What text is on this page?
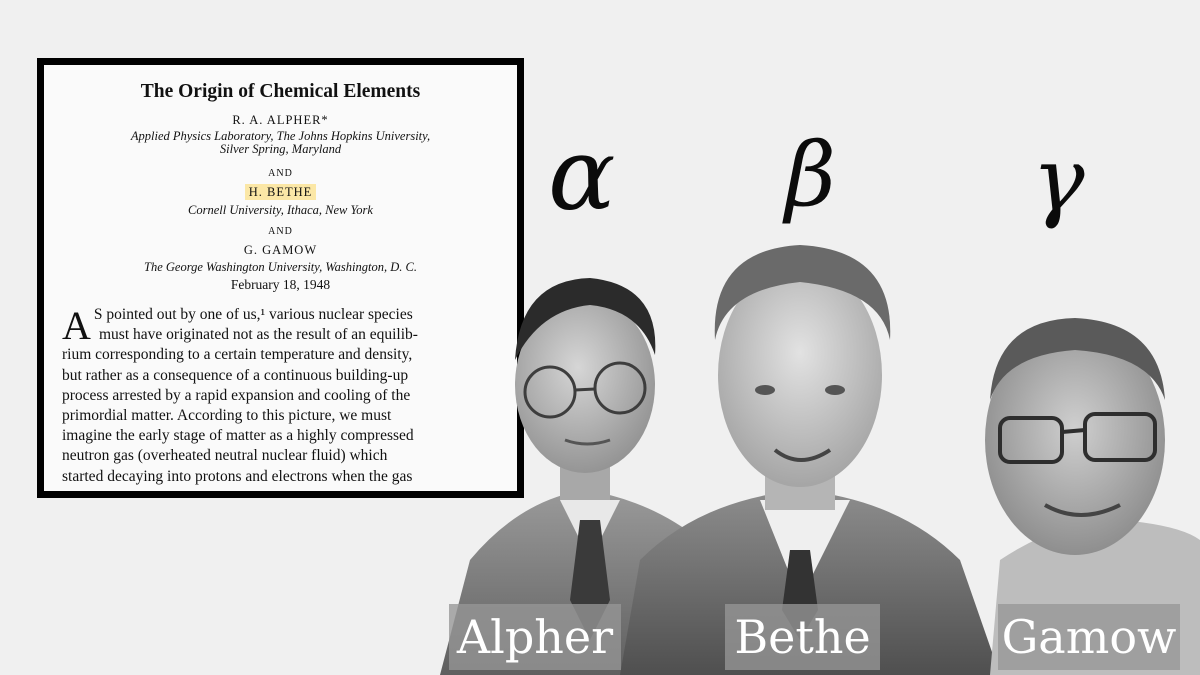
The Origin of Chemical Elements
R. A. ALPHER*
Applied Physics Laboratory, The Johns Hopkins University,
Silver Spring, Maryland
AND
H. BETHE
Cornell University, Ithaca, New York
AND
G. GAMOW
The George Washington University, Washington, D. C.
February 18, 1948
A S pointed out by one of us,¹ various nuclear species
must have originated not as the result of an equilib-
rium corresponding to a certain temperature and density,
but rather as a consequence of a continuous building-up
process arrested by a rapid expansion and cooling of the
primordial matter. According to this picture, we must
imagine the early stage of matter as a highly compressed
neutron gas (overheated neutral nuclear fluid) which
started decaying into protons and electrons when the gas
α β γ
Alpher	Bethe	Gamow
